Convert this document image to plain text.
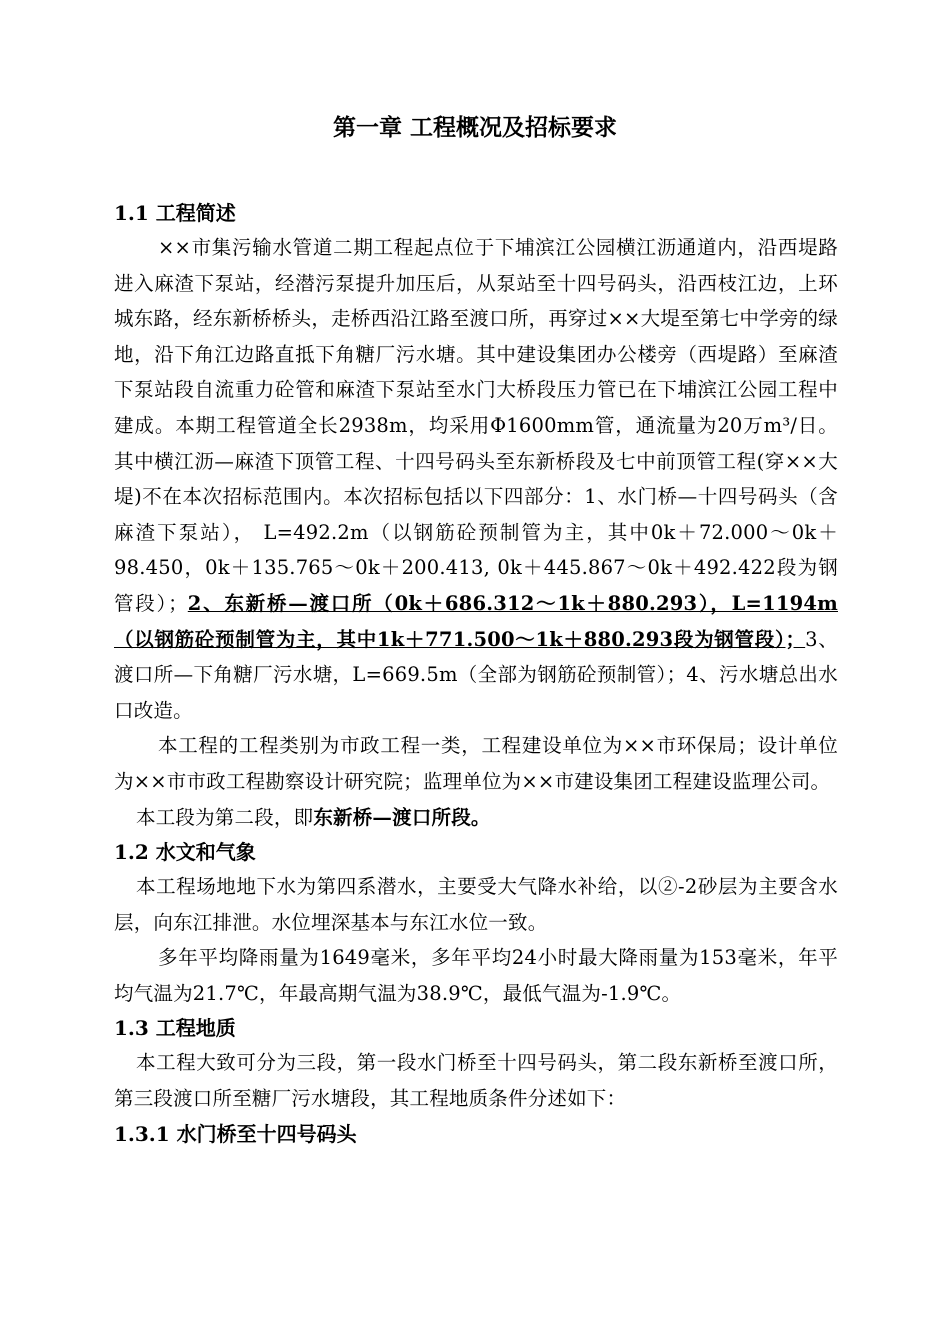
第一章 工程概况及招标要求

1.1 工程简述

××市集污输水管道二期工程起点位于下埔滨江公园横江沥通道内，沿西堤路进入麻渣下泵站，经潜污泵提升加压后，从泵站至十四号码头，沿西枝江边，上环城东路，经东新桥桥头，走桥西沿江路至渡口所，再穿过××大堤至第七中学旁的绿地，沿下角江边路直抵下角糖厂污水塘。其中建设集团办公楼旁（西堤路）至麻渣下泵站段自流重力砼管和麻渣下泵站至水门大桥段压力管已在下埔滨江公园工程中建成。本期工程管道全长2938m，均采用Φ1600mm管，通流量为20万m³/日。其中横江沥—麻渣下顶管工程、十四号码头至东新桥段及七中前顶管工程(穿××大堤)不在本次招标范围内。本次招标包括以下四部分：1、水门桥—十四号码头（含麻渣下泵站）， L=492.2m（以钢筋砼预制管为主，其中0k＋72.000～0k＋98.450，0k＋135.765～0k＋200.413, 0k＋445.867～0k＋492.422段为钢管段）；2、东新桥—渡口所（0k＋686.312～1k＋880.293），L=1194m（以钢筋砼预制管为主，其中1k＋771.500～1k＋880.293段为钢管段）；3、渡口所—下角糖厂污水塘，L=669.5m（全部为钢筋砼预制管）；4、污水塘总出水口改造。

本工程的工程类别为市政工程一类，工程建设单位为××市环保局；设计单位为××市市政工程勘察设计研究院；监理单位为××市建设集团工程建设监理公司。

本工段为第二段，即东新桥—渡口所段。

1.2 水文和气象

本工程场地地下水为第四系潜水，主要受大气降水补给，以②-2砂层为主要含水层，向东江排泄。水位埋深基本与东江水位一致。

多年平均降雨量为1649毫米，多年平均24小时最大降雨量为153毫米，年平均气温为21.7℃，年最高期气温为38.9℃，最低气温为-1.9℃。

1.3 工程地质

本工程大致可分为三段，第一段水门桥至十四号码头，第二段东新桥至渡口所，第三段渡口所至糖厂污水塘段，其工程地质条件分述如下：

1.3.1 水门桥至十四号码头
